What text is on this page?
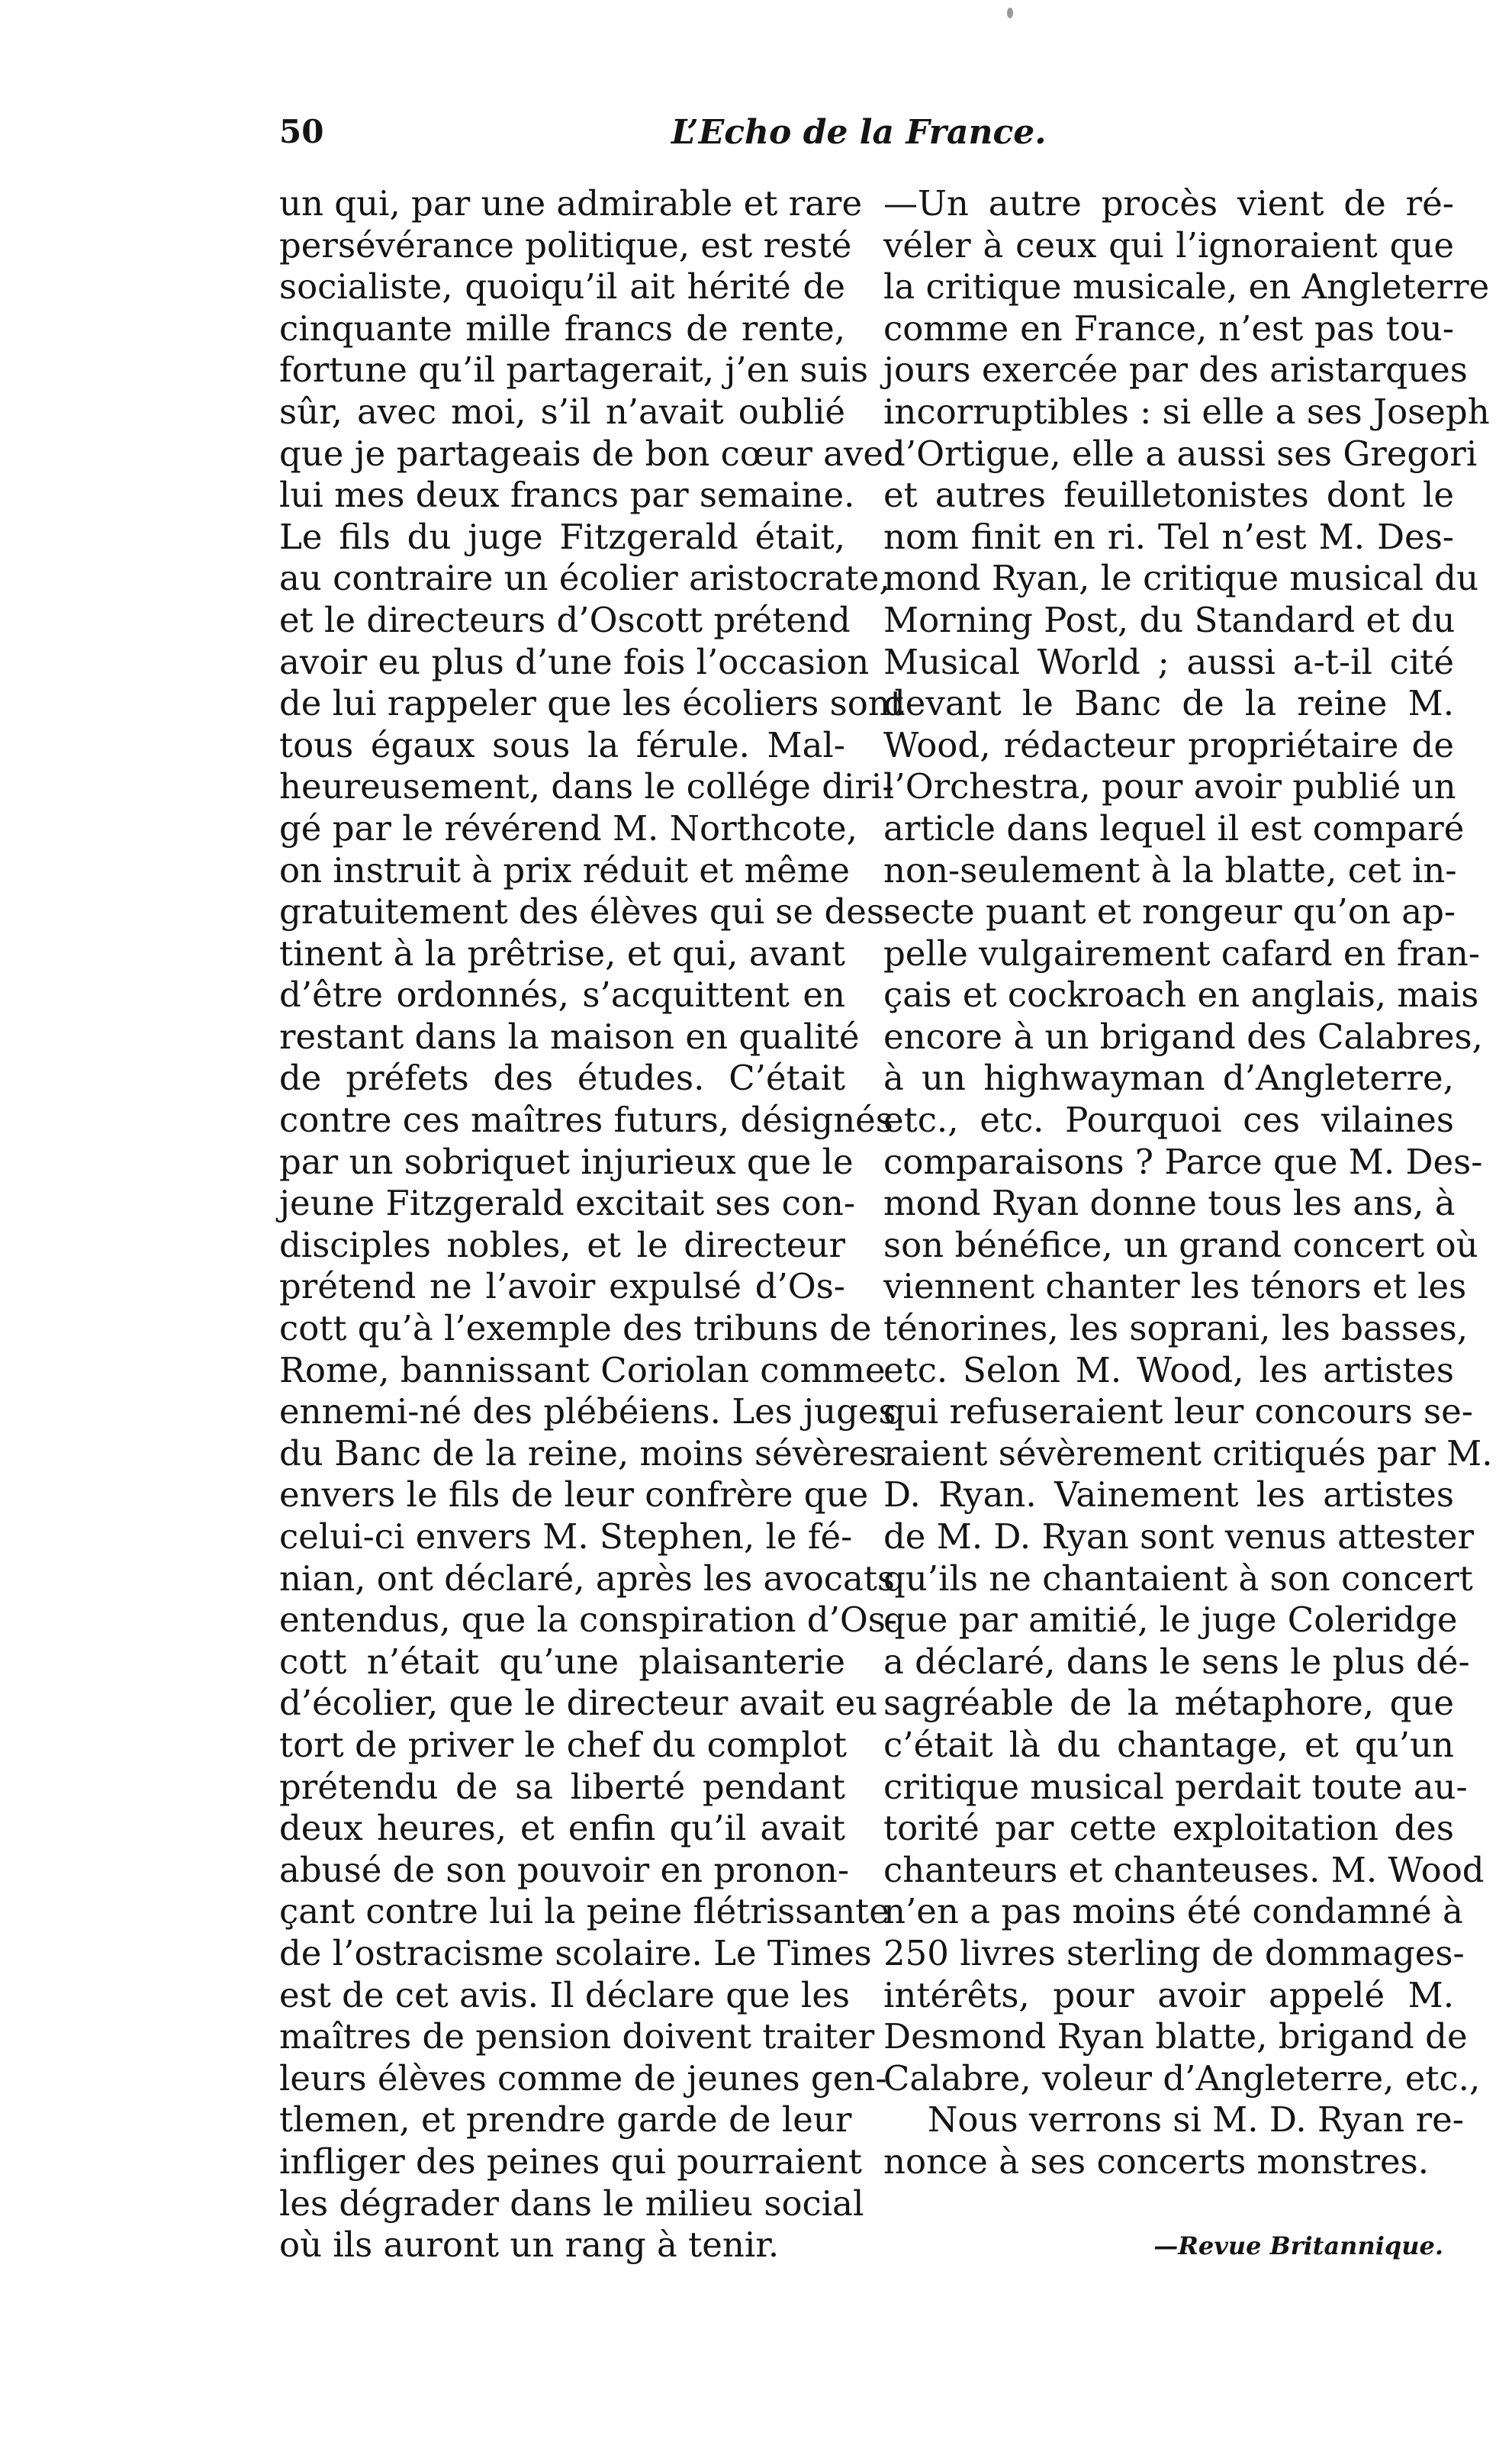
50	L’Echo de la France.
un qui, par une admirable et rare
persévérance politique, est resté
socialiste, quoiqu’il ait hérité de
cinquante mille francs de rente,
fortune qu’il partagerait, j’en suis
sûr, avec moi, s’il n’avait oublié
que je partageais de bon cœur avec
lui mes deux francs par semaine.
Le fils du juge Fitzgerald était,
au contraire un écolier aristocrate,
et le directeurs d’Oscott prétend
avoir eu plus d’une fois l’occasion
de lui rappeler que les écoliers sont
tous égaux sous la férule. Mal-
heureusement, dans le collége diri-
gé par le révérend M. Northcote,
on instruit à prix réduit et même
gratuitement des élèves qui se des-
tinent à la prêtrise, et qui, avant
d’être ordonnés, s’acquittent en
restant dans la maison en qualité
de préfets des études. C’était
contre ces maîtres futurs, désignés
par un sobriquet injurieux que le
jeune Fitzgerald excitait ses con-
disciples nobles, et le directeur
prétend ne l’avoir expulsé d’Os-
cott qu’à l’exemple des tribuns de
Rome, bannissant Coriolan comme
ennemi-né des plébéiens. Les juges
du Banc de la reine, moins sévères
envers le fils de leur confrère que
celui-ci envers M. Stephen, le fé-
nian, ont déclaré, après les avocats
entendus, que la conspiration d’Os-
cott n’était qu’une plaisanterie
d’écolier, que le directeur avait eu
tort de priver le chef du complot
prétendu de sa liberté pendant
deux heures, et enfin qu’il avait
abusé de son pouvoir en pronon-
çant contre lui la peine flétrissante
de l’ostracisme scolaire. Le Times
est de cet avis. Il déclare que les
maîtres de pension doivent traiter
leurs élèves comme de jeunes gen-
tlemen, et prendre garde de leur
infliger des peines qui pourraient
les dégrader dans le milieu social
où ils auront un rang à tenir.
—Un autre procès vient de ré-
véler à ceux qui l’ignoraient que
la critique musicale, en Angleterre
comme en France, n’est pas tou-
jours exercée par des aristarques
incorruptibles : si elle a ses Joseph
d’Ortigue, elle a aussi ses Gregori
et autres feuilletonistes dont le
nom finit en ri. Tel n’est M. Des-
mond Ryan, le critique musical du
Morning Post, du Standard et du
Musical World ; aussi a-t-il cité
devant le Banc de la reine M.
Wood, rédacteur propriétaire de
l’Orchestra, pour avoir publié un
article dans lequel il est comparé
non-seulement à la blatte, cet in-
secte puant et rongeur qu’on ap-
pelle vulgairement cafard en fran-
çais et cockroach en anglais, mais
encore à un brigand des Calabres,
à un highwayman d’Angleterre,
etc., etc. Pourquoi ces vilaines
comparaisons ? Parce que M. Des-
mond Ryan donne tous les ans, à
son bénéfice, un grand concert où
viennent chanter les ténors et les
ténorines, les soprani, les basses,
etc. Selon M. Wood, les artistes
qui refuseraient leur concours se-
raient sévèrement critiqués par M.
D. Ryan. Vainement les artistes
de M. D. Ryan sont venus attester
qu’ils ne chantaient à son concert
que par amitié, le juge Coleridge
a déclaré, dans le sens le plus dé-
sagréable de la métaphore, que
c’était là du chantage, et qu’un
critique musical perdait toute au-
torité par cette exploitation des
chanteurs et chanteuses. M. Wood
n’en a pas moins été condamné à
250 livres sterling de dommages-
intérêts, pour avoir appelé M.
Desmond Ryan blatte, brigand de
Calabre, voleur d’Angleterre, etc.,
Nous verrons si M. D. Ryan re-
nonce à ses concerts monstres.
—Revue Britannique.
